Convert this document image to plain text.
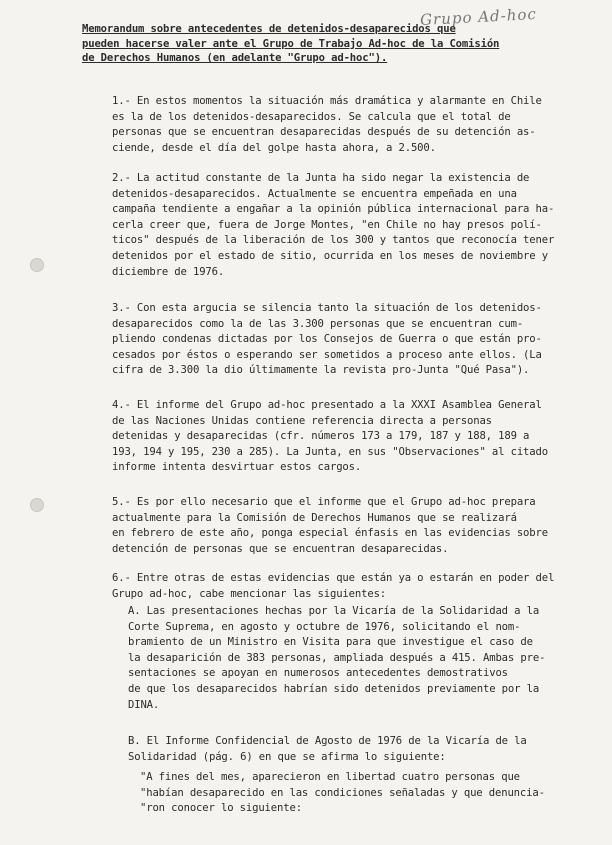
Grupo Ad-hoc
Memorandum sobre antecedentes de detenidos-desaparecidos que
pueden hacerse valer ante el Grupo de Trabajo Ad-hoc de la Comisión
de Derechos Humanos (en adelante "Grupo ad-hoc").
1.- En estos momentos la situación más dramática y alarmante en Chile
es la de los detenidos-desaparecidos. Se calcula que el total de
personas que se encuentran desaparecidas después de su detención as-
ciende, desde el día del golpe hasta ahora, a 2.500.
2.- La actitud constante de la Junta ha sido negar la existencia de
detenidos-desaparecidos. Actualmente se encuentra empeñada en una
campaña tendiente a engañar a la opinión pública internacional para ha-
cerla creer que, fuera de Jorge Montes, "en Chile no hay presos polí-
ticos" después de la liberación de los 300 y tantos que reconocía tener
detenidos por el estado de sitio, ocurrida en los meses de noviembre y
diciembre de 1976.
3.- Con esta argucia se silencia tanto la situación de los detenidos-
desaparecidos como la de las 3.300 personas que se encuentran cum-
pliendo condenas dictadas por los Consejos de Guerra o que están pro-
cesados por éstos o esperando ser sometidos a proceso ante ellos. (La
cifra de 3.300 la dio últimamente la revista pro-Junta "Qué Pasa").
4.- El informe del Grupo ad-hoc presentado a la XXXI Asamblea General
de las Naciones Unidas contiene referencia directa a personas
detenidas y desaparecidas (cfr. números 173 a 179, 187 y 188, 189 a
193, 194 y 195, 230 a 285). La Junta, en sus "Observaciones" al citado
informe intenta desvirtuar estos cargos.
5.- Es por ello necesario que el informe que el Grupo ad-hoc prepara
actualmente para la Comisión de Derechos Humanos que se realizará
en febrero de este año, ponga especial énfasis en las evidencias sobre
detención de personas que se encuentran desaparecidas.
6.- Entre otras de estas evidencias que están ya o estarán en poder del
Grupo ad-hoc, cabe mencionar las siguientes:
A. Las presentaciones hechas por la Vicaría de la Solidaridad a la
Corte Suprema, en agosto y octubre de 1976, solicitando el nom-
bramiento de un Ministro en Visita para que investigue el caso de
la desaparición de 383 personas, ampliada después a 415. Ambas pre-
sentaciones se apoyan en numerosos antecedentes demostrativos
de que los desaparecidos habrían sido detenidos previamente por la
DINA.
B. El Informe Confidencial de Agosto de 1976 de la Vicaría de la
Solidaridad (pág. 6) en que se afirma lo siguiente:
"A fines del mes, aparecieron en libertad cuatro personas que
"habían desaparecido en las condiciones señaladas y que denuncia-
"ron conocer lo siguiente:
